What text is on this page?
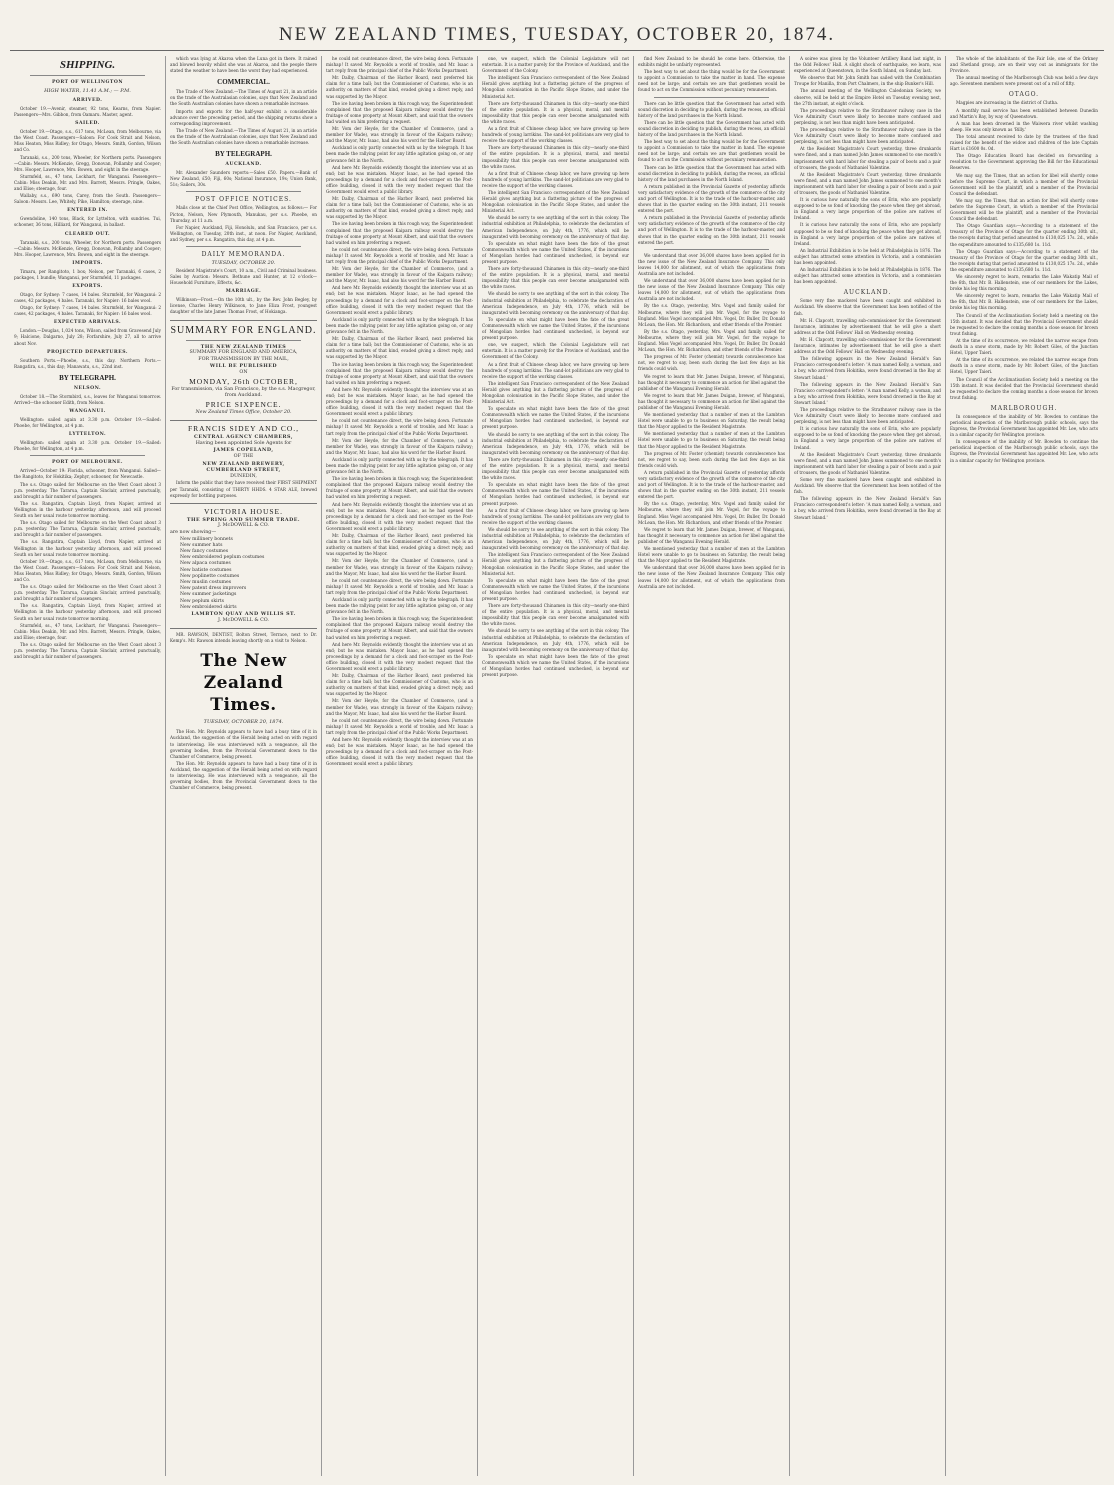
NEW ZEALAND TIMES, TUESDAY, OCTOBER 20, 1874.
SHIPPING.
PORT OF WELLINGTON
HIGH WATER, 11.41 A.M.; — P.M.
ARRIVED.

October 19.—Avenir, steamer, 92 tons, Kearns, from Napier. Passengers—Mrs. Gibbon, from Oamaru. Master, agent.

SAILED.

October 19.—Otago, s.s., 617 tons, McLean, from Melbourne, via the West Coast. Passengers—Saloon: For Cook Strait and Nelson, Miss Heaton, Miss Ridley; for Otago, Messrs. Smith, Gordon, Wilson and Co.

Taranaki, s.s., 200 tons, Wheeler, for Northern ports. Passengers—Cabin: Messrs. McKenzie, Gregg, Donovan, Pollamby and Cooper; Mrs. Hooper, Lawrence, Mrs. Bowen, and eight in the steerage.

Sturmfeld, ss., 47 tons, Lockhart, for Wanganui. Passengers—Cabin: Miss Deakin, Mr. and Mrs. Barrett, Messrs. Pringle, Oakes, and Elise; steerage, four.

Wallaby, s.s., 690 tons, Carey, from the South. Passengers—Saloon: Messrs. Lee, Whitely, Pike, Hamilton; steerage, nine.

ENTERED IN.

Gwendoline, 140 tons, Black, for Lyttelton, with sundries. Tui, schooner, 36 tons, Hilliard, for Wanganui, in ballast.

CLEARED OUT.

Taranaki, s.s., 200 tons, Wheeler, for Northern ports. Passengers—Cabin: Messrs. McKenzie, Gregg, Donovan, Pollamby and Cooper; Mrs. Hooper, Lawrence, Mrs. Bowen, and eight in the steerage.

IMPORTS.

Timaru, per Rangitoto, 1 box; Nelson, per Taranaki, 6 cases, 2 packages, 1 bundle; Wanganui, per Sturmfeld, 11 packages.

EXPORTS.

Otago, for Sydney: 7 cases, 14 bales. Sturmfeld, for Wanganui: 2 cases, 42 packages, 4 bales. Taranaki, for Napier: 16 bales wool.

Otago, for Sydney: 7 cases, 14 bales. Sturmfeld, for Wanganui: 2 cases, 42 packages, 4 bales. Taranaki, for Napier: 16 bales wool.

EXPECTED ARRIVALS.

London.—Douglas, 1,024 tons, Wilson, sailed from Gravesend July 9; Halcione, Dalgarno, July 28; Forfarshire, July 27, all to arrive about Nov.

PROJECTED DEPARTURES.

Southern Ports.—Phoebe, s.s., this day. Northern Ports.—Rangatira, s.s., this day; Manawatu, s.s., 22nd inst.

BY TELEGRAPH.
NELSON.

October 18.—The Stormbird, s.s., leaves for Wanganui tomorrow. Arrived—the schooner Edith, from Nelson.

WANGANUI.

Wellington: sailed again at 3.30 p.m. October 19.—Sailed: Phoebe, for Wellington, at 4 p.m.

LYTTELTON.

Wellington: sailed again at 3.30 p.m. October 19.—Sailed: Phoebe, for Wellington, at 4 p.m.

PORT OF MELBOURNE.

Arrived—October 19: Florida, schooner, from Wanganui. Sailed—the Rangitoto, for Hokitika; Zephyr, schooner, for Newcastle.

The s.s. Otago sailed for Melbourne on the West Coast about 3 p.m. yesterday. The Tararua, Captain Sinclair, arrived punctually, and brought a fair number of passengers.

The s.s. Rangatira, Captain Lloyd, from Napier, arrived at Wellington in the harbour yesterday afternoon, and will proceed South on her usual route tomorrow morning.

The s.s. Otago sailed for Melbourne on the West Coast about 3 p.m. yesterday. The Tararua, Captain Sinclair, arrived punctually, and brought a fair number of passengers.

The s.s. Rangatira, Captain Lloyd, from Napier, arrived at Wellington in the harbour yesterday afternoon, and will proceed South on her usual route tomorrow morning.

October 19.—Otago, s.s., 617 tons, McLean, from Melbourne, via the West Coast. Passengers—Saloon: For Cook Strait and Nelson, Miss Heaton, Miss Ridley; for Otago, Messrs. Smith, Gordon, Wilson and Co.

The s.s. Otago sailed for Melbourne on the West Coast about 3 p.m. yesterday. The Tararua, Captain Sinclair, arrived punctually, and brought a fair number of passengers.

The s.s. Rangatira, Captain Lloyd, from Napier, arrived at Wellington in the harbour yesterday afternoon, and will proceed South on her usual route tomorrow morning.

Sturmfeld, ss., 47 tons, Lockhart, for Wanganui. Passengers—Cabin: Miss Deakin, Mr. and Mrs. Barrett, Messrs. Pringle, Oakes, and Elise; steerage, four.

The s.s. Otago sailed for Melbourne on the West Coast about 3 p.m. yesterday. The Tararua, Captain Sinclair, arrived punctually, and brought a fair number of passengers.

which was lying at Akaroa when the Luna got in there. It rained and blowed heavily whilst she was at Akaroa, and the people there stated the weather to have been the worst they had experienced.

COMMERCIAL.

The Trade of New Zealand.—The Times of August 21, in an article on the trade of the Australasian colonies, says that New Zealand and the South Australian colonies have shown a remarkable increase.

Imports and exports for the half-year exhibit a considerable advance over the preceding period, and the shipping returns show a corresponding improvement.

The Trade of New Zealand.—The Times of August 21, in an article on the trade of the Australasian colonies, says that New Zealand and the South Australian colonies have shown a remarkable increase.

BY TELEGRAPH.
AUCKLAND.

Mr. Alexander Saunders reports:—Sales £50. Papers.—Bank of New Zealand, £50; Fiji, 60s; National Insurance, 19s; Union Bank, 51s; Sailers, 30s.

POST OFFICE NOTICES.

Mails close at the Chief Post Office, Wellington, as follows:— For Picton, Nelson, New Plymouth, Manukau, per s.s. Phoebe, on Thursday, at 11 a.m.

For Napier, Auckland, Fiji, Honolulu, and San Francisco, per s.s. Wellington, on Tuesday, 20th inst., at noon. For Napier, Auckland, and Sydney, per s.s. Rangatira, this day, at 4 p.m.

DAILY MEMORANDA.
TUESDAY, OCTOBER 20.

Resident Magistrate's Court, 10 a.m., Civil and Criminal business. Sales by Auction: Messrs. Bethune and Hunter, at 12 o'clock—Household Furniture, Effects, &c.

MARRIAGE.

Wilkinson—Frost.—On the 10th ult., by the Rev. John Begley, by license, Charles Henry Wilkinson, to Jane Eliza Frost, youngest daughter of the late James Thomas Frost, of Hokianga.

SUMMARY FOR ENGLAND.
THE NEW ZEALAND TIMES
SUMMARY FOR ENGLAND AND AMERICA,
FOR TRANSMISSION BY THE MAIL,
WILL BE PUBLISHED
ON
MONDAY, 26th OCTOBER,
For transmission, via San Francisco, by the s.s. Macgregor, from Auckland.
PRICE SIXPENCE.
New Zealand Times Office, October 20.
FRANCIS SIDEY AND CO.,
CENTRAL AGENCY CHAMBERS,
Having been appointed Sole Agents for
JAMES COPELAND,
OF THE
NEW ZEALAND BREWERY,
CUMBERLAND STREET,
DUNEDIN,

Inform the public that they have received their FIRST SHIPMENT per Taranaki, consisting of THIRTY HHDS. 4 STAR ALE, brewed expressly for bottling purposes.

VICTORIA HOUSE.
THE SPRING AND SUMMER TRADE.
J. McDOWELL & CO.
are now showing—
New millinery bonnets
New summer hats
New fancy costumes
New embroidered peplum costumes
New alpaca costumes
New batiste costumes
New poplinette costumes
New muslin costumes
New patent dress improvers
New summer jacketings
New peplum skirts
New embroidered skirts
LAMBTON QUAY AND WILLIS ST.
J. McDOWELL & CO.

MR. RAWSON, DENTIST, Bolton Street, Terrace, next to Dr. Kemp's. Mr. Rawson intends leaving shortly on a visit to Nelson.

The New Zealand Times.
TUESDAY, OCTOBER 20, 1874.

The Hon. Mr. Reynolds appears to have had a busy time of it in Auckland, the suggestion of the Herald being acted on with regard to interviewing. He was interviewed with a vengeance, all the governing bodies, from the Provincial Government down to the Chamber of Commerce, being present.

The Hon. Mr. Reynolds appears to have had a busy time of it in Auckland, the suggestion of the Herald being acted on with regard to interviewing. He was interviewed with a vengeance, all the governing bodies, from the Provincial Government down to the Chamber of Commerce, being present.

he could not countenance direct, the wire being down. Fortunate mishap! It saved Mr. Reynolds a world of trouble, and Mr. Isaac a tart reply from the principal chief of the Public Works Department.

Mr. Dalby, Chairman of the Harbor Board, next preferred his claim for a time ball; but the Commissioner of Customs, who is an authority on matters of that kind, evaded giving a direct reply, and was supported by the Mayor.

The ice having been broken in this rough way, the Superintendent complained that the proposed Kaipara railway would destroy the fruitage of some property at Mount Albert, and said that the owners had waited on him preferring a request.

Mr. Vom der Heyde, for the Chamber of Commerce, (and a member for Wade), was strongly in favour of the Kaipara railway; and the Mayor, Mr. Isaac, had also his word for the Harbor Board.

Auckland is only partly connected with us by the telegraph. It has been made the rallying point for any little agitation going on, or any grievance felt in the North.

And here Mr. Reynolds evidently thought the interview was at an end; but he was mistaken. Mayor Isaac, as he had opened the proceedings by a demand for a clock and foot-scraper on the Post-office building, closed it with the very modest request that the Government would erect a public library.

Mr. Dalby, Chairman of the Harbor Board, next preferred his claim for a time ball; but the Commissioner of Customs, who is an authority on matters of that kind, evaded giving a direct reply, and was supported by the Mayor.

The ice having been broken in this rough way, the Superintendent complained that the proposed Kaipara railway would destroy the fruitage of some property at Mount Albert, and said that the owners had waited on him preferring a request.

he could not countenance direct, the wire being down. Fortunate mishap! It saved Mr. Reynolds a world of trouble, and Mr. Isaac a tart reply from the principal chief of the Public Works Department.

Mr. Vom der Heyde, for the Chamber of Commerce, (and a member for Wade), was strongly in favour of the Kaipara railway; and the Mayor, Mr. Isaac, had also his word for the Harbor Board.

And here Mr. Reynolds evidently thought the interview was at an end; but he was mistaken. Mayor Isaac, as he had opened the proceedings by a demand for a clock and foot-scraper on the Post-office building, closed it with the very modest request that the Government would erect a public library.

Auckland is only partly connected with us by the telegraph. It has been made the rallying point for any little agitation going on, or any grievance felt in the North.

Mr. Dalby, Chairman of the Harbor Board, next preferred his claim for a time ball; but the Commissioner of Customs, who is an authority on matters of that kind, evaded giving a direct reply, and was supported by the Mayor.

The ice having been broken in this rough way, the Superintendent complained that the proposed Kaipara railway would destroy the fruitage of some property at Mount Albert, and said that the owners had waited on him preferring a request.

And here Mr. Reynolds evidently thought the interview was at an end; but he was mistaken. Mayor Isaac, as he had opened the proceedings by a demand for a clock and foot-scraper on the Post-office building, closed it with the very modest request that the Government would erect a public library.

he could not countenance direct, the wire being down. Fortunate mishap! It saved Mr. Reynolds a world of trouble, and Mr. Isaac a tart reply from the principal chief of the Public Works Department.

Mr. Vom der Heyde, for the Chamber of Commerce, (and a member for Wade), was strongly in favour of the Kaipara railway; and the Mayor, Mr. Isaac, had also his word for the Harbor Board.

Auckland is only partly connected with us by the telegraph. It has been made the rallying point for any little agitation going on, or any grievance felt in the North.

The ice having been broken in this rough way, the Superintendent complained that the proposed Kaipara railway would destroy the fruitage of some property at Mount Albert, and said that the owners had waited on him preferring a request.

And here Mr. Reynolds evidently thought the interview was at an end; but he was mistaken. Mayor Isaac, as he had opened the proceedings by a demand for a clock and foot-scraper on the Post-office building, closed it with the very modest request that the Government would erect a public library.

Mr. Dalby, Chairman of the Harbor Board, next preferred his claim for a time ball; but the Commissioner of Customs, who is an authority on matters of that kind, evaded giving a direct reply, and was supported by the Mayor.

Mr. Vom der Heyde, for the Chamber of Commerce, (and a member for Wade), was strongly in favour of the Kaipara railway; and the Mayor, Mr. Isaac, had also his word for the Harbor Board.

he could not countenance direct, the wire being down. Fortunate mishap! It saved Mr. Reynolds a world of trouble, and Mr. Isaac a tart reply from the principal chief of the Public Works Department.

Auckland is only partly connected with us by the telegraph. It has been made the rallying point for any little agitation going on, or any grievance felt in the North.

The ice having been broken in this rough way, the Superintendent complained that the proposed Kaipara railway would destroy the fruitage of some property at Mount Albert, and said that the owners had waited on him preferring a request.

And here Mr. Reynolds evidently thought the interview was at an end; but he was mistaken. Mayor Isaac, as he had opened the proceedings by a demand for a clock and foot-scraper on the Post-office building, closed it with the very modest request that the Government would erect a public library.

Mr. Dalby, Chairman of the Harbor Board, next preferred his claim for a time ball; but the Commissioner of Customs, who is an authority on matters of that kind, evaded giving a direct reply, and was supported by the Mayor.

Mr. Vom der Heyde, for the Chamber of Commerce, (and a member for Wade), was strongly in favour of the Kaipara railway; and the Mayor, Mr. Isaac, had also his word for the Harbor Board.

he could not countenance direct, the wire being down. Fortunate mishap! It saved Mr. Reynolds a world of trouble, and Mr. Isaac a tart reply from the principal chief of the Public Works Department.

And here Mr. Reynolds evidently thought the interview was at an end; but he was mistaken. Mayor Isaac, as he had opened the proceedings by a demand for a clock and foot-scraper on the Post-office building, closed it with the very modest request that the Government would erect a public library.

one, we suspect, which the Colonial Legislature will not entertain. It is a matter purely for the Province of Auckland, and the Government of the Colony.

The intelligent San Francisco correspondent of the New Zealand Herald gives anything but a flattering picture of the progress of Mongolian colonisation in the Pacific Slope States, and under the Ministerial Act.

There are forty-thousand Chinamen in this city—nearly one-third of the entire population. It is a physical, moral, and mental impossibility that this people can ever become amalgamated with the white races.

As a first fruit of Chinese cheap labor, we have growing up here hundreds of young larrikins. The sand-lot politicians are very glad to receive the support of the working classes.

There are forty-thousand Chinamen in this city—nearly one-third of the entire population. It is a physical, moral, and mental impossibility that this people can ever become amalgamated with the white races.

As a first fruit of Chinese cheap labor, we have growing up here hundreds of young larrikins. The sand-lot politicians are very glad to receive the support of the working classes.

The intelligent San Francisco correspondent of the New Zealand Herald gives anything but a flattering picture of the progress of Mongolian colonisation in the Pacific Slope States, and under the Ministerial Act.

We should be sorry to see anything of the sort in this colony. The industrial exhibition at Philadelphia, to celebrate the declaration of American Independence, on July 4th, 1776, which will be inaugurated with becoming ceremony on the anniversary of that day.

To speculate on what might have been the fate of the great Commonwealth which we name the United States, if the incursions of Mongolian hordes had continued unchecked, is beyond our present purpose.

There are forty-thousand Chinamen in this city—nearly one-third of the entire population. It is a physical, moral, and mental impossibility that this people can ever become amalgamated with the white races.

We should be sorry to see anything of the sort in this colony. The industrial exhibition at Philadelphia, to celebrate the declaration of American Independence, on July 4th, 1776, which will be inaugurated with becoming ceremony on the anniversary of that day.

To speculate on what might have been the fate of the great Commonwealth which we name the United States, if the incursions of Mongolian hordes had continued unchecked, is beyond our present purpose.

one, we suspect, which the Colonial Legislature will not entertain. It is a matter purely for the Province of Auckland, and the Government of the Colony.

As a first fruit of Chinese cheap labor, we have growing up here hundreds of young larrikins. The sand-lot politicians are very glad to receive the support of the working classes.

The intelligent San Francisco correspondent of the New Zealand Herald gives anything but a flattering picture of the progress of Mongolian colonisation in the Pacific Slope States, and under the Ministerial Act.

To speculate on what might have been the fate of the great Commonwealth which we name the United States, if the incursions of Mongolian hordes had continued unchecked, is beyond our present purpose.

We should be sorry to see anything of the sort in this colony. The industrial exhibition at Philadelphia, to celebrate the declaration of American Independence, on July 4th, 1776, which will be inaugurated with becoming ceremony on the anniversary of that day.

There are forty-thousand Chinamen in this city—nearly one-third of the entire population. It is a physical, moral, and mental impossibility that this people can ever become amalgamated with the white races.

To speculate on what might have been the fate of the great Commonwealth which we name the United States, if the incursions of Mongolian hordes had continued unchecked, is beyond our present purpose.

As a first fruit of Chinese cheap labor, we have growing up here hundreds of young larrikins. The sand-lot politicians are very glad to receive the support of the working classes.

We should be sorry to see anything of the sort in this colony. The industrial exhibition at Philadelphia, to celebrate the declaration of American Independence, on July 4th, 1776, which will be inaugurated with becoming ceremony on the anniversary of that day.

The intelligent San Francisco correspondent of the New Zealand Herald gives anything but a flattering picture of the progress of Mongolian colonisation in the Pacific Slope States, and under the Ministerial Act.

To speculate on what might have been the fate of the great Commonwealth which we name the United States, if the incursions of Mongolian hordes had continued unchecked, is beyond our present purpose.

There are forty-thousand Chinamen in this city—nearly one-third of the entire population. It is a physical, moral, and mental impossibility that this people can ever become amalgamated with the white races.

We should be sorry to see anything of the sort in this colony. The industrial exhibition at Philadelphia, to celebrate the declaration of American Independence, on July 4th, 1776, which will be inaugurated with becoming ceremony on the anniversary of that day.

To speculate on what might have been the fate of the great Commonwealth which we name the United States, if the incursions of Mongolian hordes had continued unchecked, is beyond our present purpose.

find New Zealand to be should he come here. Otherwise, the exhibits might be unfairly represented.

The best way to set about the thing would be for the Government to appoint a Commission to take the matter in hand. The expense need not be large; and certain we are that gentlemen would be found to act on the Commission without pecuniary remuneration.

There can be little question that the Government has acted with sound discretion in deciding to publish, during the recess, an official history of the land purchases in the North Island.

There can be little question that the Government has acted with sound discretion in deciding to publish, during the recess, an official history of the land purchases in the North Island.

The best way to set about the thing would be for the Government to appoint a Commission to take the matter in hand. The expense need not be large; and certain we are that gentlemen would be found to act on the Commission without pecuniary remuneration.

There can be little question that the Government has acted with sound discretion in deciding to publish, during the recess, an official history of the land purchases in the North Island.

A return published in the Provincial Gazette of yesterday affords very satisfactory evidence of the growth of the commerce of the city and port of Wellington. It is to the trade of the harbour-master, and shows that in the quarter ending on the 30th instant, 211 vessels entered the port.

A return published in the Provincial Gazette of yesterday affords very satisfactory evidence of the growth of the commerce of the city and port of Wellington. It is to the trade of the harbour-master, and shows that in the quarter ending on the 30th instant, 211 vessels entered the port.

We understand that over 36,000 shares have been applied for in the new issue of the New Zealand Insurance Company. This only leaves 14,000 for allotment, out of which the applications from Australia are not included.

We understand that over 36,000 shares have been applied for in the new issue of the New Zealand Insurance Company. This only leaves 14,000 for allotment, out of which the applications from Australia are not included.

By the s.s. Otago, yesterday, Mrs. Vogel and family sailed for Melbourne, where they will join Mr. Vogel, for the voyage to England. Miss Vogel accompanied Mrs. Vogel, Dr. Buller, Dr. Donald McLean, the Hon. Mr. Richardson, and other friends of the Premier.

By the s.s. Otago, yesterday, Mrs. Vogel and family sailed for Melbourne, where they will join Mr. Vogel, for the voyage to England. Miss Vogel accompanied Mrs. Vogel, Dr. Buller, Dr. Donald McLean, the Hon. Mr. Richardson, and other friends of the Premier.

The progress of Mr. Foster (chemist) towards convalescence has not, we regret to say, been such during the last few days as his friends could wish.

We regret to learn that Mr. James Duigan, brewer, of Wanganui, has thought it necessary to commence an action for libel against the publisher of the Wanganui Evening Herald.

We regret to learn that Mr. James Duigan, brewer, of Wanganui, has thought it necessary to commence an action for libel against the publisher of the Wanganui Evening Herald.

We mentioned yesterday that a number of men at the Lambton Hotel were unable to go to business on Saturday, the result being that the Mayor applied to the Resident Magistrate.

We mentioned yesterday that a number of men at the Lambton Hotel were unable to go to business on Saturday, the result being that the Mayor applied to the Resident Magistrate.

The progress of Mr. Foster (chemist) towards convalescence has not, we regret to say, been such during the last few days as his friends could wish.

A return published in the Provincial Gazette of yesterday affords very satisfactory evidence of the growth of the commerce of the city and port of Wellington. It is to the trade of the harbour-master, and shows that in the quarter ending on the 30th instant, 211 vessels entered the port.

By the s.s. Otago, yesterday, Mrs. Vogel and family sailed for Melbourne, where they will join Mr. Vogel, for the voyage to England. Miss Vogel accompanied Mrs. Vogel, Dr. Buller, Dr. Donald McLean, the Hon. Mr. Richardson, and other friends of the Premier.

We regret to learn that Mr. James Duigan, brewer, of Wanganui, has thought it necessary to commence an action for libel against the publisher of the Wanganui Evening Herald.

We mentioned yesterday that a number of men at the Lambton Hotel were unable to go to business on Saturday, the result being that the Mayor applied to the Resident Magistrate.

We understand that over 36,000 shares have been applied for in the new issue of the New Zealand Insurance Company. This only leaves 14,000 for allotment, out of which the applications from Australia are not included.

A soiree was given by the Volunteer Artillery Band last night, in the Odd Fellows' Hall. A slight shock of earthquake, we learn, was experienced at Queenstown, in the South Island, on Sunday last.

We observe that Mr. John Smith has sailed with the Combination Troupe for Manilla, from Port Chalmers, in the ship Bunker's Hill.

The annual meeting of the Wellington Caledonian Society, we observe, will be held at the Empire Hotel on Tuesday evening next, the 27th instant, at eight o'clock.

The proceedings relative to the Strathnaver railway case in the Vice Admiralty Court were likely to become more confused and perplexing, is not less than might have been anticipated.

The proceedings relative to the Strathnaver railway case in the Vice Admiralty Court were likely to become more confused and perplexing, is not less than might have been anticipated.

At the Resident Magistrate's Court yesterday, three drunkards were fined, and a man named John James summoned to one month's imprisonment with hard labor for stealing a pair of boots and a pair of trousers, the goods of Nathaniel Valentine.

At the Resident Magistrate's Court yesterday, three drunkards were fined, and a man named John James summoned to one month's imprisonment with hard labor for stealing a pair of boots and a pair of trousers, the goods of Nathaniel Valentine.

It is curious how naturally the sons of Erin, who are popularly supposed to be so fond of knocking the peace when they get abroad, in England a very large proportion of the police are natives of Ireland.

It is curious how naturally the sons of Erin, who are popularly supposed to be so fond of knocking the peace when they get abroad, in England a very large proportion of the police are natives of Ireland.

An Industrial Exhibition is to be held at Philadelphia in 1876. The subject has attracted some attention in Victoria, and a commission has been appointed.

An Industrial Exhibition is to be held at Philadelphia in 1876. The subject has attracted some attention in Victoria, and a commission has been appointed.

AUCKLAND.

Some very fine mackerel have been caught and exhibited in Auckland. We observe that the Government has been notified of the fish.

Mr. H. Clapcott, travelling sub-commissioner for the Government Insurance, intimates by advertisement that he will give a short address at the Odd Fellows' Hall on Wednesday evening.

Mr. H. Clapcott, travelling sub-commissioner for the Government Insurance, intimates by advertisement that he will give a short address at the Odd Fellows' Hall on Wednesday evening.

The following appears in the New Zealand Herald's San Francisco correspondent's letter: 'A man named Kelly, a woman, and a boy, who arrived from Hokitika, were found drowned in the Bay at Stewart Island.'

The following appears in the New Zealand Herald's San Francisco correspondent's letter: 'A man named Kelly, a woman, and a boy, who arrived from Hokitika, were found drowned in the Bay at Stewart Island.'

The proceedings relative to the Strathnaver railway case in the Vice Admiralty Court were likely to become more confused and perplexing, is not less than might have been anticipated.

It is curious how naturally the sons of Erin, who are popularly supposed to be so fond of knocking the peace when they get abroad, in England a very large proportion of the police are natives of Ireland.

At the Resident Magistrate's Court yesterday, three drunkards were fined, and a man named John James summoned to one month's imprisonment with hard labor for stealing a pair of boots and a pair of trousers, the goods of Nathaniel Valentine.

Some very fine mackerel have been caught and exhibited in Auckland. We observe that the Government has been notified of the fish.

The following appears in the New Zealand Herald's San Francisco correspondent's letter: 'A man named Kelly, a woman, and a boy, who arrived from Hokitika, were found drowned in the Bay at Stewart Island.'

The whole of the inhabitants of the Fair Isle, one of the Orkney and Shetland group, are on their way out as immigrants for the Province.

The annual meeting of the Marlborough Club was held a few days ago. Seventeen members were present out of a roll of fifty.

OTAGO.

Magpies are increasing in the district of Clutha.

A monthly mail service has been established between Dunedin and Martin's Bay, by way of Queenstown.

A man has been drowned in the Waiwera river whilst washing sheep. He was only known as 'Billy.'

The total amount received to date by the trustees of the fund raised for the benefit of the widow and children of the late Captain Hart is £1600 0s. 0d.

The Otago Education Board has decided on forwarding a resolution to the Government approving the Bill for the Educational Reserves.

We may say, the Times, that an action for libel will shortly come before the Supreme Court, in which a member of the Provincial Government will be the plaintiff, and a member of the Provincial Council the defendant.

We may say, the Times, that an action for libel will shortly come before the Supreme Court, in which a member of the Provincial Government will be the plaintiff, and a member of the Provincial Council the defendant.

The Otago Guardian says:—According to a statement of the treasury of the Province of Otago for the quarter ending 30th ult., the receipts during that period amounted to £130,025 17s. 2d., while the expenditure amounted to £135,680 1s. 11d.

The Otago Guardian says:—According to a statement of the treasury of the Province of Otago for the quarter ending 30th ult., the receipts during that period amounted to £130,025 17s. 2d., while the expenditure amounted to £135,680 1s. 11d.

We sincerely regret to learn, remarks the Lake Wakatip Mail of the 6th, that Mr. B. Hallenstein, one of our members for the Lakes, broke his leg this morning.

We sincerely regret to learn, remarks the Lake Wakatip Mail of the 6th, that Mr. B. Hallenstein, one of our members for the Lakes, broke his leg this morning.

The Council of the Acclimatisation Society held a meeting on the 15th instant. It was decided that the Provincial Government should be requested to declare the coming months a close season for brown trout fishing.

At the time of its occurrence, we related the narrow escape from death in a snow storm, made by Mr. Robert Giles, of the Junction Hotel, Upper Taieri.

At the time of its occurrence, we related the narrow escape from death in a snow storm, made by Mr. Robert Giles, of the Junction Hotel, Upper Taieri.

The Council of the Acclimatisation Society held a meeting on the 15th instant. It was decided that the Provincial Government should be requested to declare the coming months a close season for brown trout fishing.

MARLBOROUGH.

In consequence of the inability of Mr. Bowden to continue the periodical inspection of the Marlborough public schools, says the Express, the Provincial Government has appointed Mr. Lee, who acts in a similar capacity for Wellington province.

In consequence of the inability of Mr. Bowden to continue the periodical inspection of the Marlborough public schools, says the Express, the Provincial Government has appointed Mr. Lee, who acts in a similar capacity for Wellington province.
